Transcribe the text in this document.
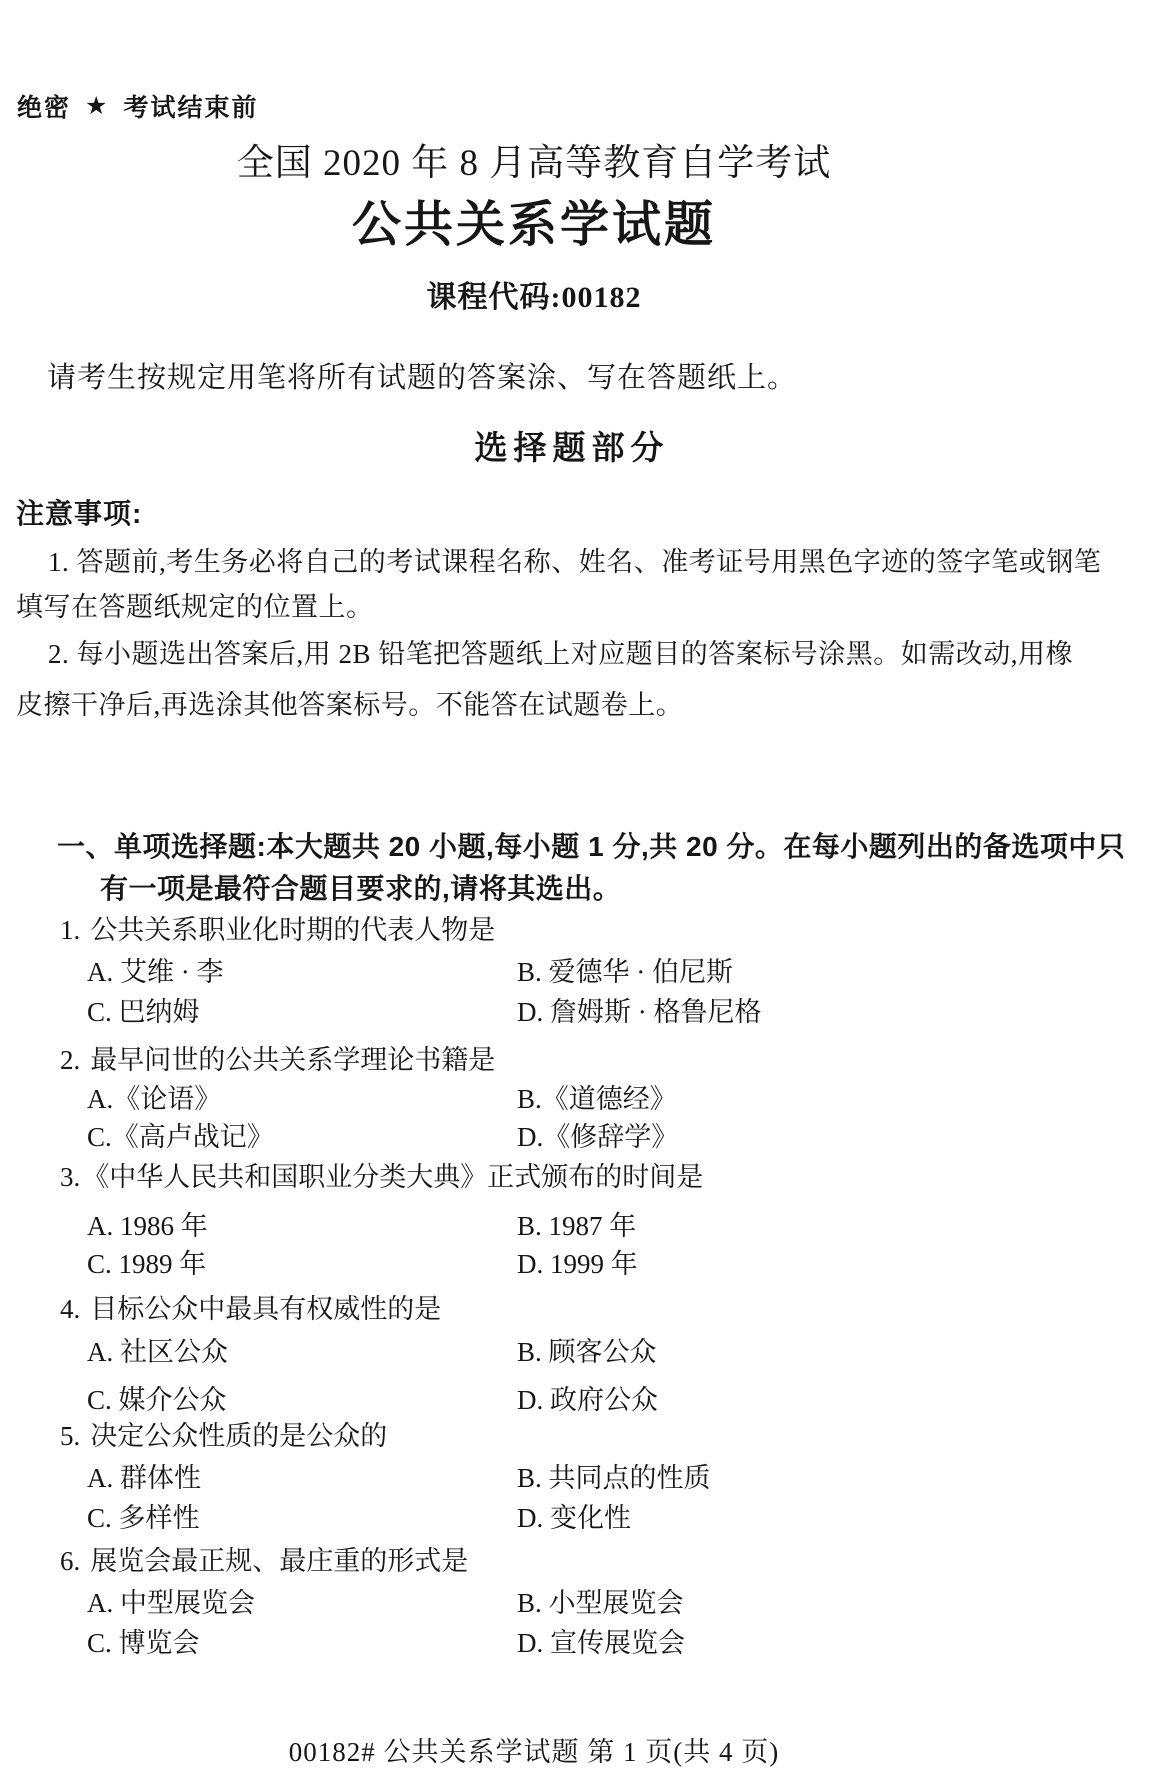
绝密 ★ 考试结束前
全国 2020 年 8 月高等教育自学考试
公共关系学试题
课程代码:00182
请考生按规定用笔将所有试题的答案涂、写在答题纸上。
选择题部分
注意事项:
1. 答题前,考生务必将自己的考试课程名称、姓名、准考证号用黑色字迹的签字笔或钢笔
填写在答题纸规定的位置上。
2. 每小题选出答案后,用 2B 铅笔把答题纸上对应题目的答案标号涂黑。如需改动,用橡
皮擦干净后,再选涂其他答案标号。不能答在试题卷上。
一、单项选择题:本大题共 20 小题,每小题 1 分,共 20 分。在每小题列出的备选项中只
有一项是最符合题目要求的,请将其选出。
1. 公共关系职业化时期的代表人物是
A. 艾维 · 李	B. 爱德华 · 伯尼斯
C. 巴纳姆	D. 詹姆斯 · 格鲁尼格
2. 最早问世的公共关系学理论书籍是
A.《论语》	B.《道德经》
C.《高卢战记》	D.《修辞学》
3.《中华人民共和国职业分类大典》正式颁布的时间是
A. 1986 年	B. 1987 年
C. 1989 年	D. 1999 年
4. 目标公众中最具有权威性的是
A. 社区公众	B. 顾客公众
C. 媒介公众	D. 政府公众
5. 决定公众性质的是公众的
A. 群体性	B. 共同点的性质
C. 多样性	D. 变化性
6. 展览会最正规、最庄重的形式是
A. 中型展览会	B. 小型展览会
C. 博览会	D. 宣传展览会
00182# 公共关系学试题 第 1 页(共 4 页)
